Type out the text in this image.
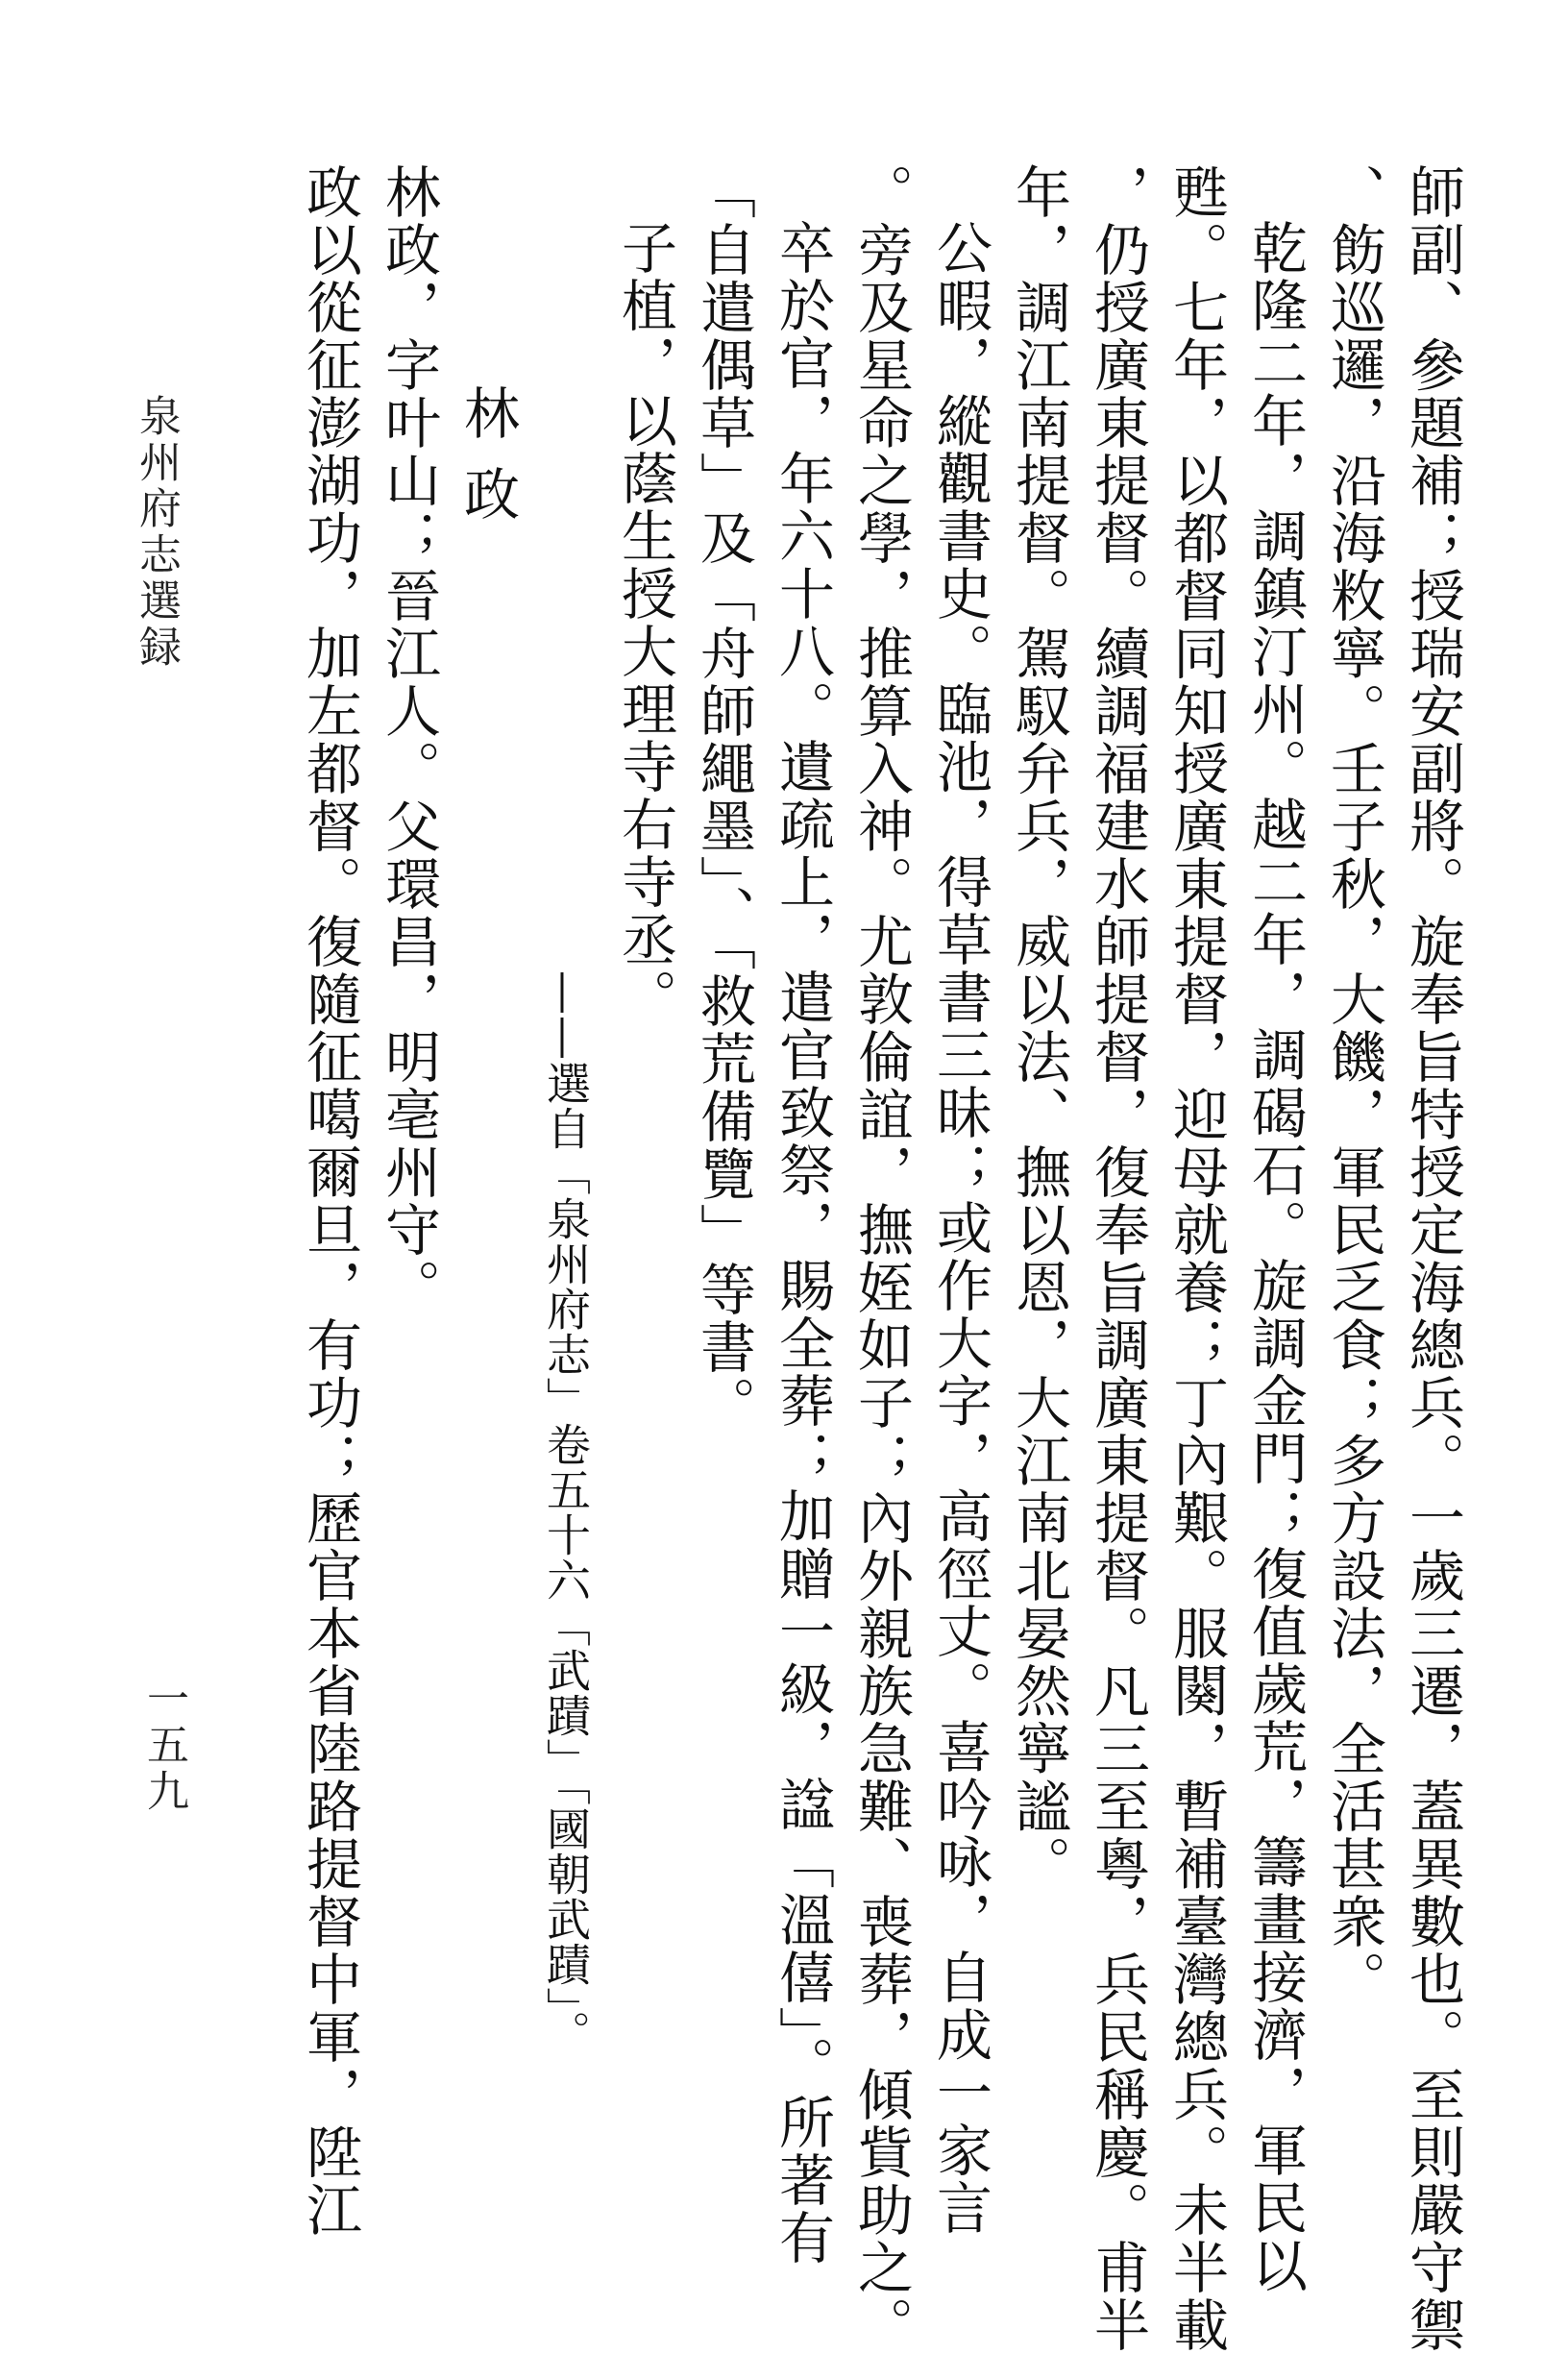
師副、參題補；授瑞安副將。旋奉旨特授定海總兵。一歲三遷，蓋異數也。至則嚴守禦
、飭巡邏，沿海敉寧。壬子秋，大饑，軍民乏食；多方設法，全活甚衆。
乾隆二年，調鎮汀州。越二年，調碣石。旋調金門；復值歲荒，籌畫接濟，軍民以
甦。七年，以都督同知授廣東提督，迎母就養；丁內艱。服闋，暫補臺灣總兵。未半載
，仍授廣東提督。續調福建水師提督，復奉旨調廣東提督。凡三至粵，兵民稱慶。甫半
年，調江南提督。駕馭弁兵，威以法、撫以恩，大江南北晏然寧謐。
公暇，縱觀書史。臨池，得草書三昧；或作大字，高徑丈。喜吟咏，自成一家言
。旁及星命之學，推算入神。尤敦倫誼，撫姪如子；內外親族急難、喪葬，傾貲助之。
卒於官，年六十八。遺疏上，遣官致祭，賜全葬；加贈一級，諡「溫僖」。所著有
「自遣偶草」及「舟師繩墨」、「救荒備覽」等書。
子植，以蔭生授大理寺右寺丞。
——選自「泉州府志」卷五十六「武蹟」「國朝武蹟」。
林政
林政，字叶山；晉江人。父環昌，明亳州守。
政以從征澎湖功，加左都督。復隨征噶爾旦，有功；歷官本省陸路提督中軍，陞江
泉州府志選録
一五九
